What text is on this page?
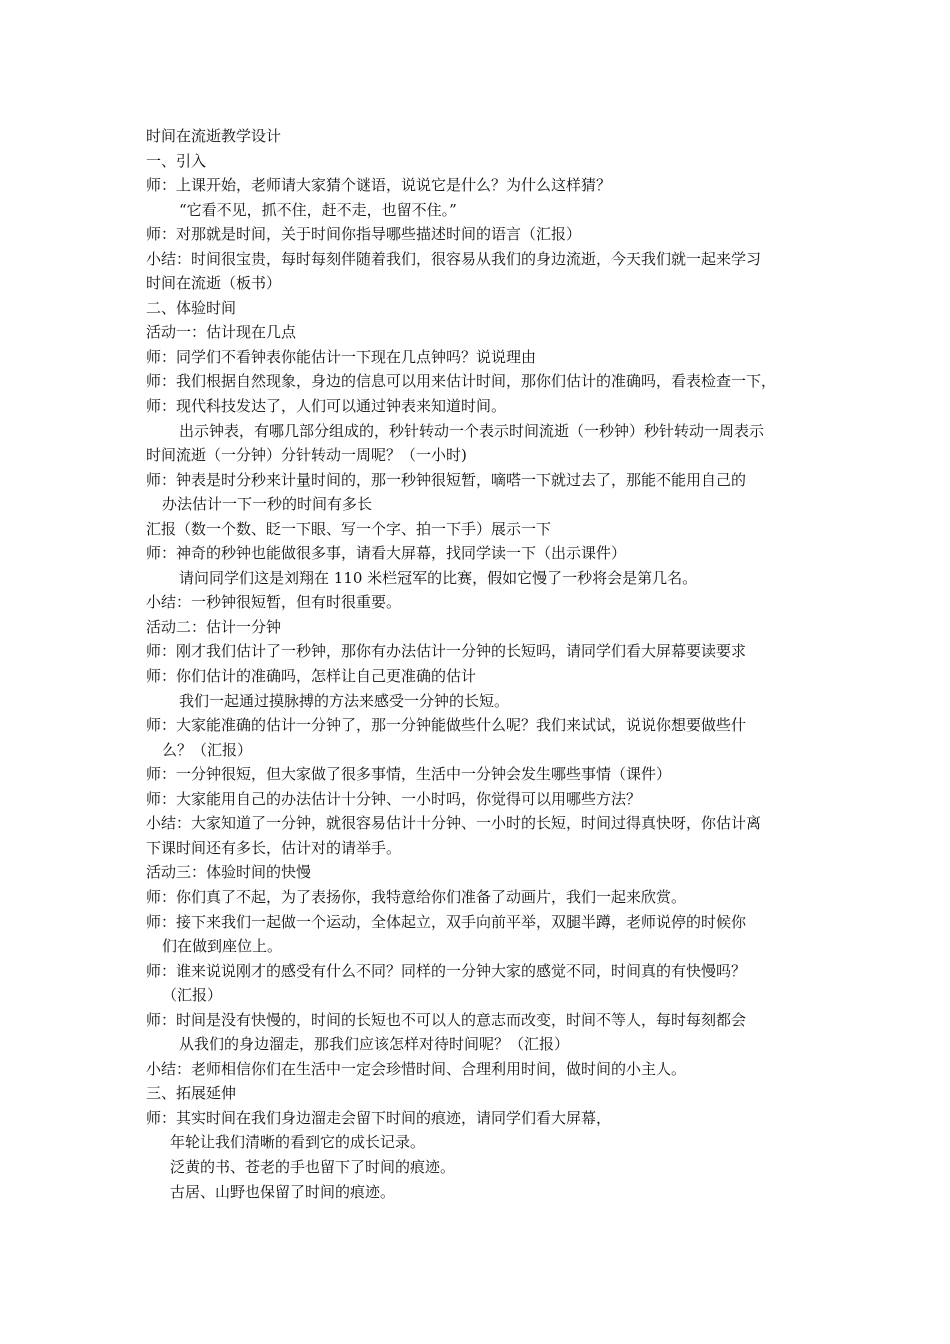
时间在流逝教学设计
一、引入
师：上课开始，老师请大家猜个谜语，说说它是什么？为什么这样猜？
“它看不见，抓不住，赶不走，也留不住。”
师：对那就是时间，关于时间你指导哪些描述时间的语言（汇报）
小结：时间很宝贵，每时每刻伴随着我们，很容易从我们的身边流逝，今天我们就一起来学习
时间在流逝（板书）
二、体验时间
活动一：估计现在几点
师：同学们不看钟表你能估计一下现在几点钟吗？说说理由
师：我们根据自然现象，身边的信息可以用来估计时间，那你们估计的准确吗，看表检查一下，
师：现代科技发达了，人们可以通过钟表来知道时间。
出示钟表，有哪几部分组成的，秒针转动一个表示时间流逝（一秒钟）秒针转动一周表示
时间流逝（一分钟）分针转动一周呢？（一小时)
师：钟表是时分秒来计量时间的，那一秒钟很短暂，嘀嗒一下就过去了，那能不能用自己的
办法估计一下一秒的时间有多长
汇报（数一个数、眨一下眼、写一个字、拍一下手）展示一下
师：神奇的秒钟也能做很多事，请看大屏幕，找同学读一下（出示课件）
请问同学们这是刘翔在 110 米栏冠军的比赛，假如它慢了一秒将会是第几名。
小结：一秒钟很短暂，但有时很重要。
活动二：估计一分钟
师：刚才我们估计了一秒钟，那你有办法估计一分钟的长短吗，请同学们看大屏幕要读要求
师：你们估计的准确吗，怎样让自己更准确的估计
我们一起通过摸脉搏的方法来感受一分钟的长短。
师：大家能准确的估计一分钟了，那一分钟能做些什么呢？我们来试试，说说你想要做些什
么？（汇报）
师：一分钟很短，但大家做了很多事情，生活中一分钟会发生哪些事情（课件）
师：大家能用自己的办法估计十分钟、一小时吗，你觉得可以用哪些方法？
小结：大家知道了一分钟，就很容易估计十分钟、一小时的长短，时间过得真快呀，你估计离
下课时间还有多长，估计对的请举手。
活动三：体验时间的快慢
师：你们真了不起，为了表扬你，我特意给你们准备了动画片，我们一起来欣赏。
师：接下来我们一起做一个运动，全体起立，双手向前平举，双腿半蹲，老师说停的时候你
们在做到座位上。
师：谁来说说刚才的感受有什么不同？同样的一分钟大家的感觉不同，时间真的有快慢吗？
（汇报）
师：时间是没有快慢的，时间的长短也不可以人的意志而改变，时间不等人，每时每刻都会
从我们的身边溜走，那我们应该怎样对待时间呢？（汇报）
小结：老师相信你们在生活中一定会珍惜时间、合理利用时间，做时间的小主人。
三、拓展延伸
师：其实时间在我们身边溜走会留下时间的痕迹，请同学们看大屏幕，
年轮让我们清晰的看到它的成长记录。
泛黄的书、苍老的手也留下了时间的痕迹。
古居、山野也保留了时间的痕迹。
